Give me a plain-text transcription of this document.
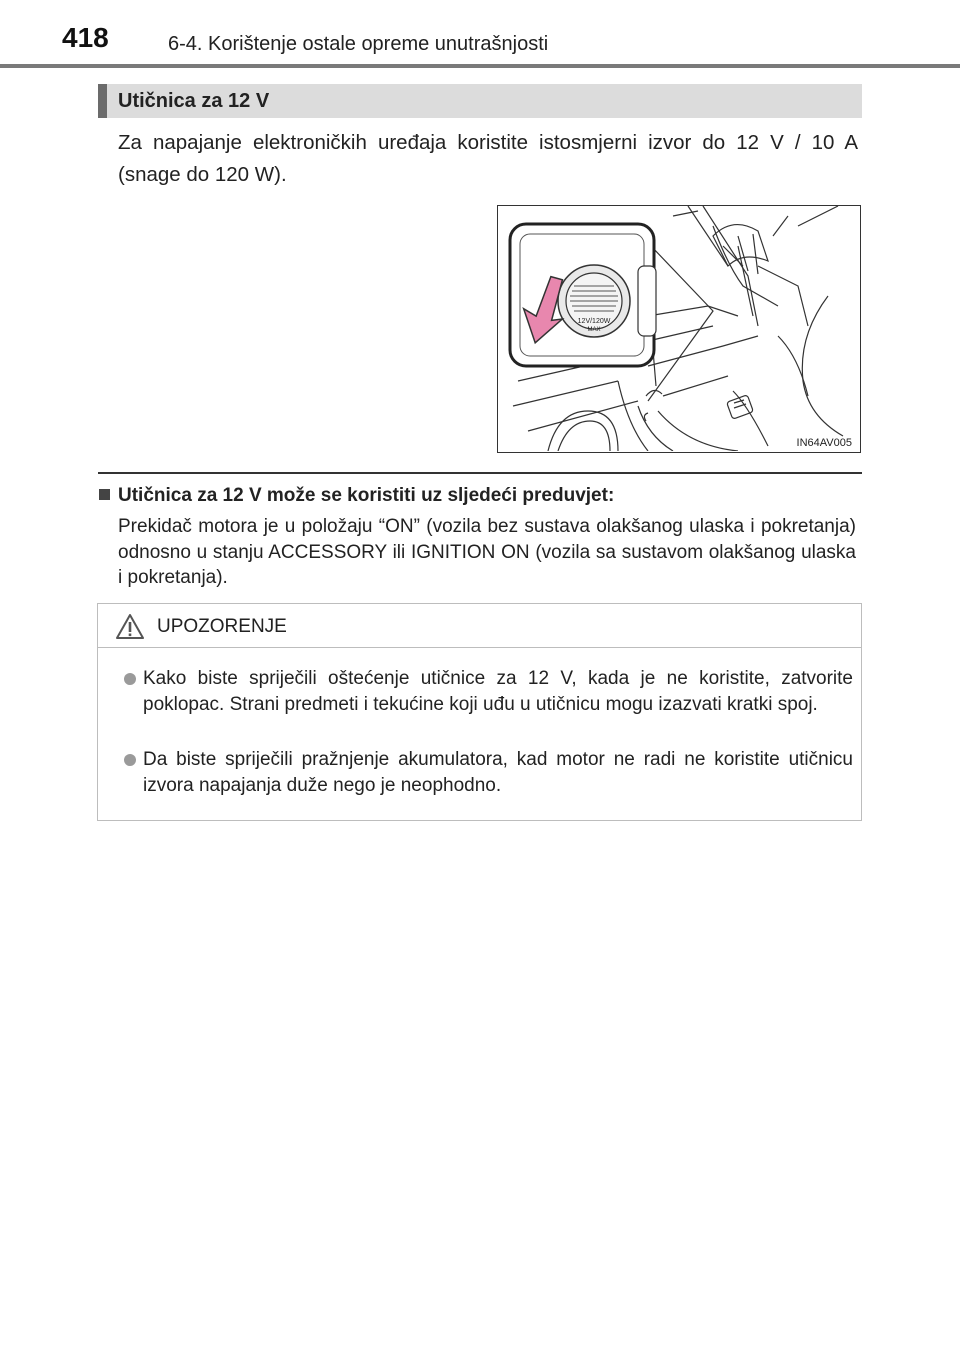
418	6-4. Korištenje ostale opreme unutrašnjosti
Utičnica za 12 V

Za napajanje elektroničkih uređaja koristite istosmjerni izvor do 12 V / 10 A (snage do 120 W).

12V/120W
MAX
IN64AV005
Utičnica za 12 V može se koristiti uz sljedeći preduvjet:

Prekidač motora je u položaju “ON” (vozila bez sustava olakšanog ulaska i pokretanja) odnosno u stanju ACCESSORY ili IGNITION ON (vozila sa sustavom olakšanog ulaska i pokretanja).

UPOZORENJE

Kako biste spriječili oštećenje utičnice za 12 V, kada je ne koristite, zatvorite poklopac. Strani predmeti i tekućine koji uđu u utičnicu mogu izazvati kratki spoj.

Da biste spriječili pražnjenje akumulatora, kad motor ne radi ne koristite utičnicu izvora napajanja duže nego je neophodno.
